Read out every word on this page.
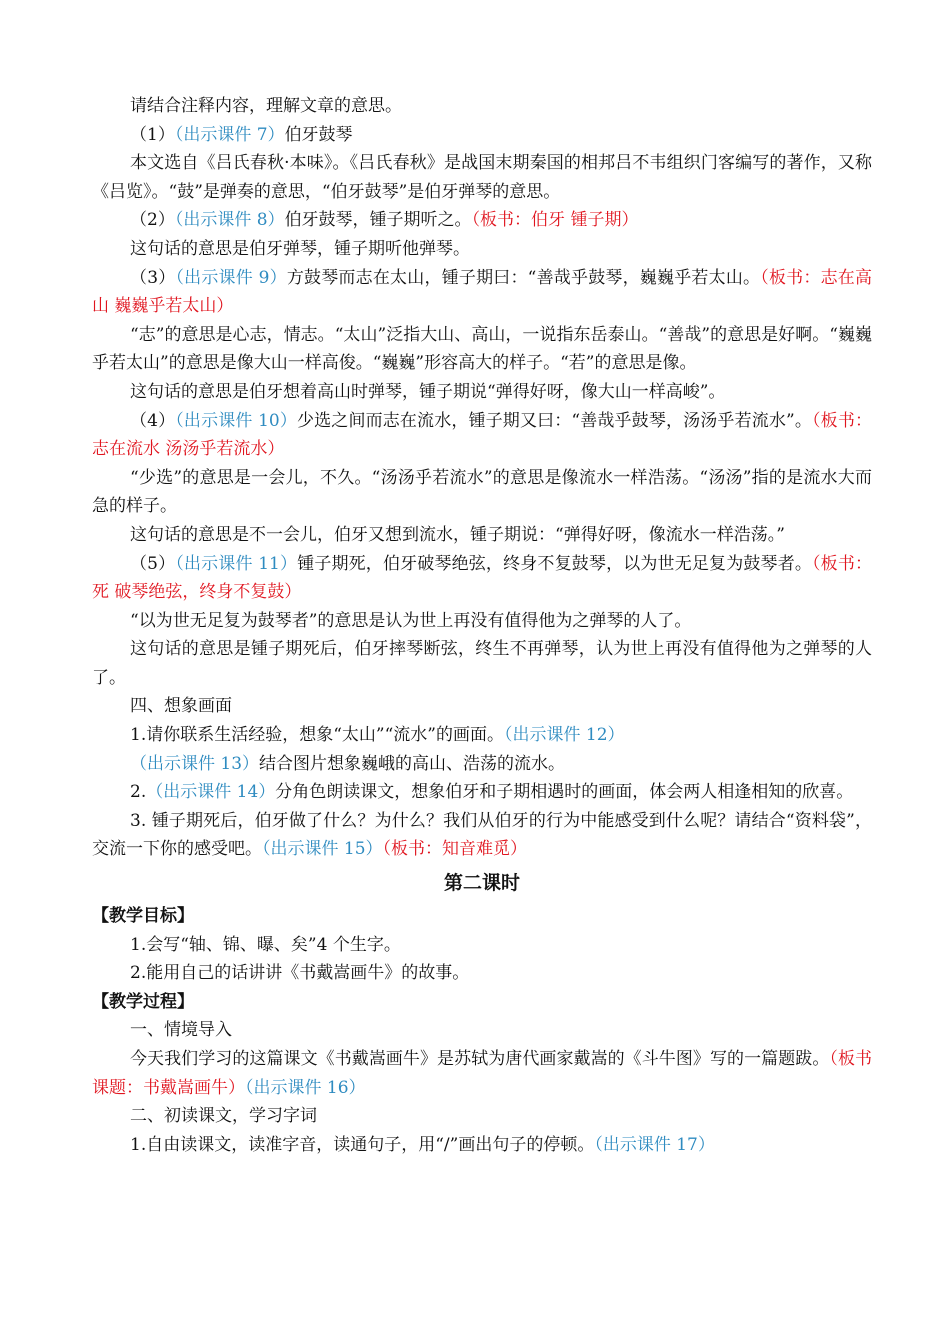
请结合注释内容，理解文章的意思。

（1）（出示课件 7）伯牙鼓琴

本文选自《吕氏春秋·本味》。《吕氏春秋》是战国末期秦国的相邦吕不韦组织门客编写的著作，又称《吕览》。“鼓”是弹奏的意思，“伯牙鼓琴”是伯牙弹琴的意思。

（2）（出示课件 8）伯牙鼓琴，锺子期听之。（板书：伯牙 锺子期）

这句话的意思是伯牙弹琴，锺子期听他弹琴。

（3）（出示课件 9）方鼓琴而志在太山，锺子期曰：“善哉乎鼓琴，巍巍乎若太山。（板书：志在高山 巍巍乎若太山）

“志”的意思是心志，情志。“太山”泛指大山、高山，一说指东岳泰山。“善哉”的意思是好啊。“巍巍乎若太山”的意思是像大山一样高俊。“巍巍”形容高大的样子。“若”的意思是像。

这句话的意思是伯牙想着高山时弹琴，锺子期说“弹得好呀，像大山一样高峻”。

（4）（出示课件 10）少选之间而志在流水，锺子期又曰：“善哉乎鼓琴，汤汤乎若流水”。（板书：志在流水 汤汤乎若流水）

“少选”的意思是一会儿，不久。“汤汤乎若流水”的意思是像流水一样浩荡。“汤汤”指的是流水大而急的样子。

这句话的意思是不一会儿，伯牙又想到流水，锺子期说：“弹得好呀，像流水一样浩荡。”

（5）（出示课件 11）锺子期死，伯牙破琴绝弦，终身不复鼓琴，以为世无足复为鼓琴者。（板书：死 破琴绝弦，终身不复鼓）

“以为世无足复为鼓琴者”的意思是认为世上再没有值得他为之弹琴的人了。

这句话的意思是锺子期死后，伯牙摔琴断弦，终生不再弹琴，认为世上再没有值得他为之弹琴的人了。

四、想象画面

1.请你联系生活经验，想象“太山”“流水”的画面。（出示课件 12）

（出示课件 13）结合图片想象巍峨的高山、浩荡的流水。

2.（出示课件 14）分角色朗读课文，想象伯牙和子期相遇时的画面，体会两人相逢相知的欣喜。

3. 锺子期死后，伯牙做了什么？为什么？我们从伯牙的行为中能感受到什么呢？请结合“资料袋”，交流一下你的感受吧。（出示课件 15）（板书：知音难觅）

第二课时

【教学目标】

1.会写“轴、锦、曝、矣”4 个生字。

2.能用自己的话讲讲《书戴嵩画牛》的故事。

【教学过程】

一、情境导入

今天我们学习的这篇课文《书戴嵩画牛》是苏轼为唐代画家戴嵩的《斗牛图》写的一篇题跋。（板书课题：书戴嵩画牛）（出示课件 16）

二、初读课文，学习字词

1.自由读课文，读准字音，读通句子，用“/”画出句子的停顿。（出示课件 17）
